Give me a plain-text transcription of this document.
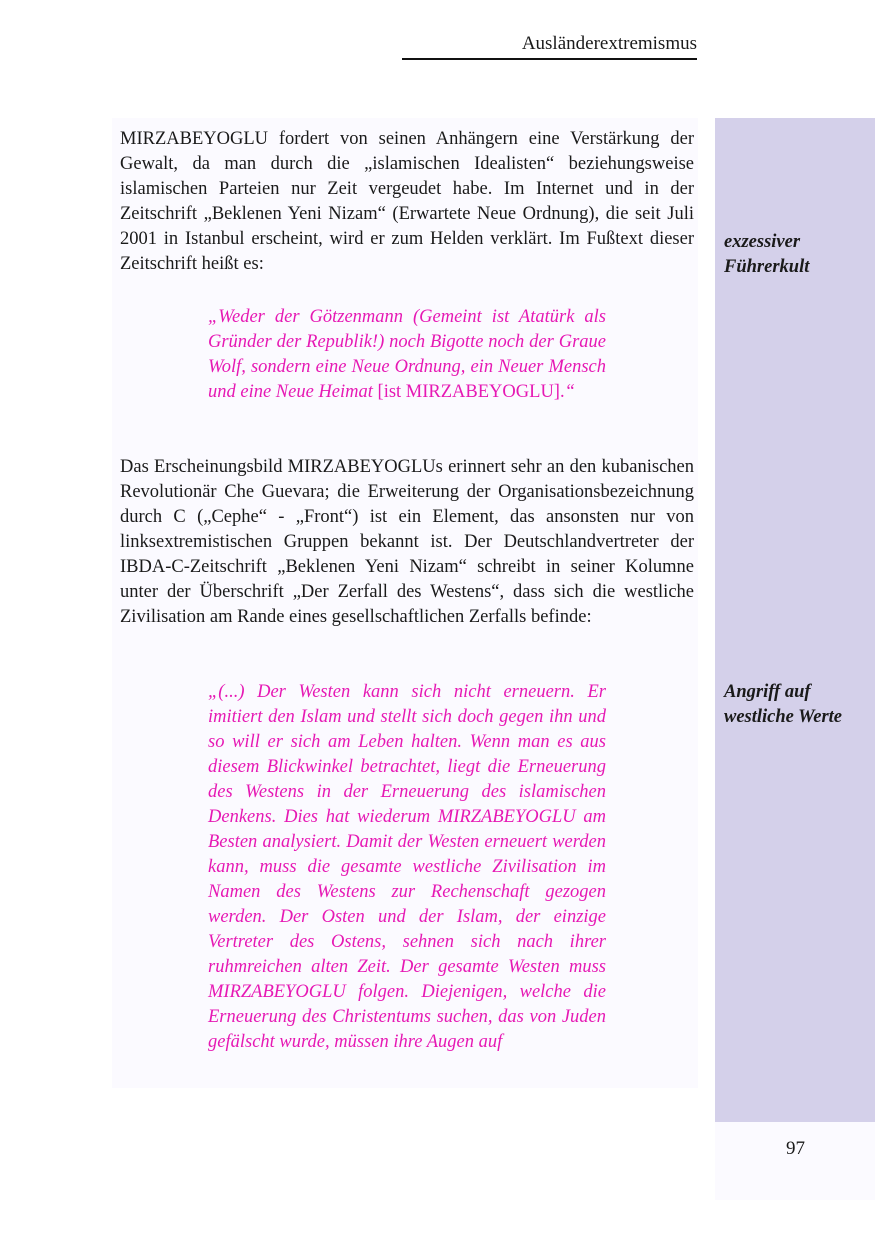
Ausländerextremismus

MIRZABEYOGLU fordert von seinen Anhängern eine Verstärkung der Gewalt, da man durch die „islamischen Idealisten“ beziehungsweise islamischen Parteien nur Zeit vergeudet habe. Im Internet und in der Zeitschrift „Beklenen Yeni Nizam“ (Erwartete Neue Ordnung), die seit Juli 2001 in Istanbul erscheint, wird er zum Helden verklärt. Im Fußtext dieser Zeitschrift heißt es:

„Weder der Götzenmann (Gemeint ist Atatürk als Gründer der Republik!) noch Bigotte noch der Graue Wolf, sondern eine Neue Ordnung, ein Neuer Mensch und eine Neue Heimat [ist MIRZABEYOGLU].“

Das Erscheinungsbild MIRZABEYOGLUs erinnert sehr an den kubanischen Revolutionär Che Guevara; die Erweiterung der Organisationsbezeichnung durch C („Cephe“ - „Front“) ist ein Element, das ansonsten nur von linksextremistischen Gruppen bekannt ist. Der Deutschlandvertreter der IBDA-C-Zeitschrift „Beklenen Yeni Nizam“ schreibt in seiner Kolumne unter der Überschrift „Der Zerfall des Westens“, dass sich die westliche Zivilisation am Rande eines gesellschaftlichen Zerfalls befinde:

„(...) Der Westen kann sich nicht erneuern. Er imitiert den Islam und stellt sich doch gegen ihn und so will er sich am Leben halten. Wenn man es aus diesem Blickwinkel betrachtet, liegt die Erneuerung des Westens in der Erneuerung des islamischen Denkens. Dies hat wiederum MIRZABEYOGLU am Besten analysiert. Damit der Westen erneuert werden kann, muss die gesamte westliche Zivilisation im Namen des Westens zur Rechenschaft gezogen werden. Der Osten und der Islam, der einzige Vertreter des Ostens, sehnen sich nach ihrer ruhmreichen alten Zeit. Der gesamte Westen muss MIRZABEYOGLU folgen. Diejenigen, welche die Erneuerung des Christentums suchen, das von Juden gefälscht wurde, müssen ihre Augen auf

exzessiver Führerkult
Angriff auf westliche Werte
97
